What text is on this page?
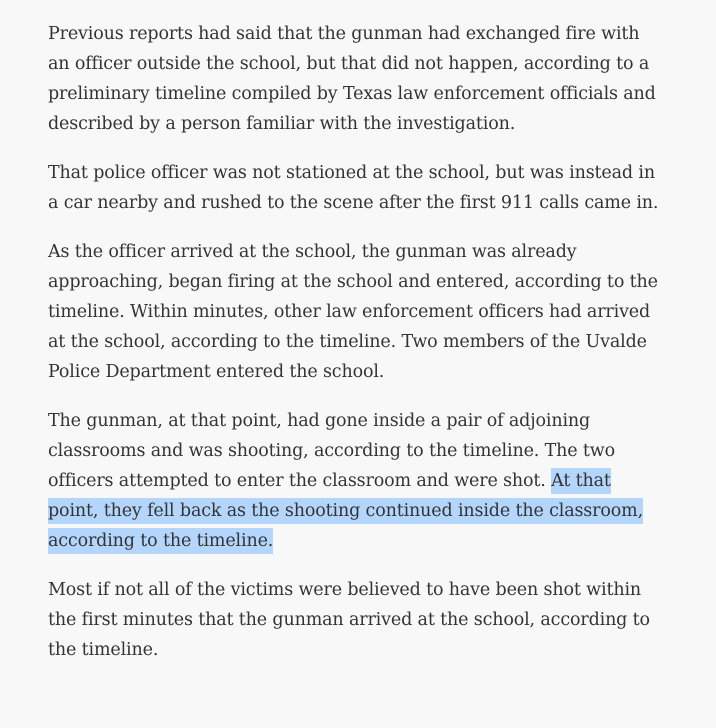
Previous reports had said that the gunman had exchanged fire with an officer outside the school, but that did not happen, according to a preliminary timeline compiled by Texas law enforcement officials and described by a person familiar with the investigation.

That police officer was not stationed at the school, but was instead in a car nearby and rushed to the scene after the first 911 calls came in.

As the officer arrived at the school, the gunman was already approaching, began firing at the school and entered, according to the timeline. Within minutes, other law enforcement officers had arrived at the school, according to the timeline. Two members of the Uvalde Police Department entered the school.

The gunman, at that point, had gone inside a pair of adjoining classrooms and was shooting, according to the timeline. The two officers attempted to enter the classroom and were shot. At that point, they fell back as the shooting continued inside the classroom, according to the timeline.

Most if not all of the victims were believed to have been shot within the first minutes that the gunman arrived at the school, according to the timeline.
